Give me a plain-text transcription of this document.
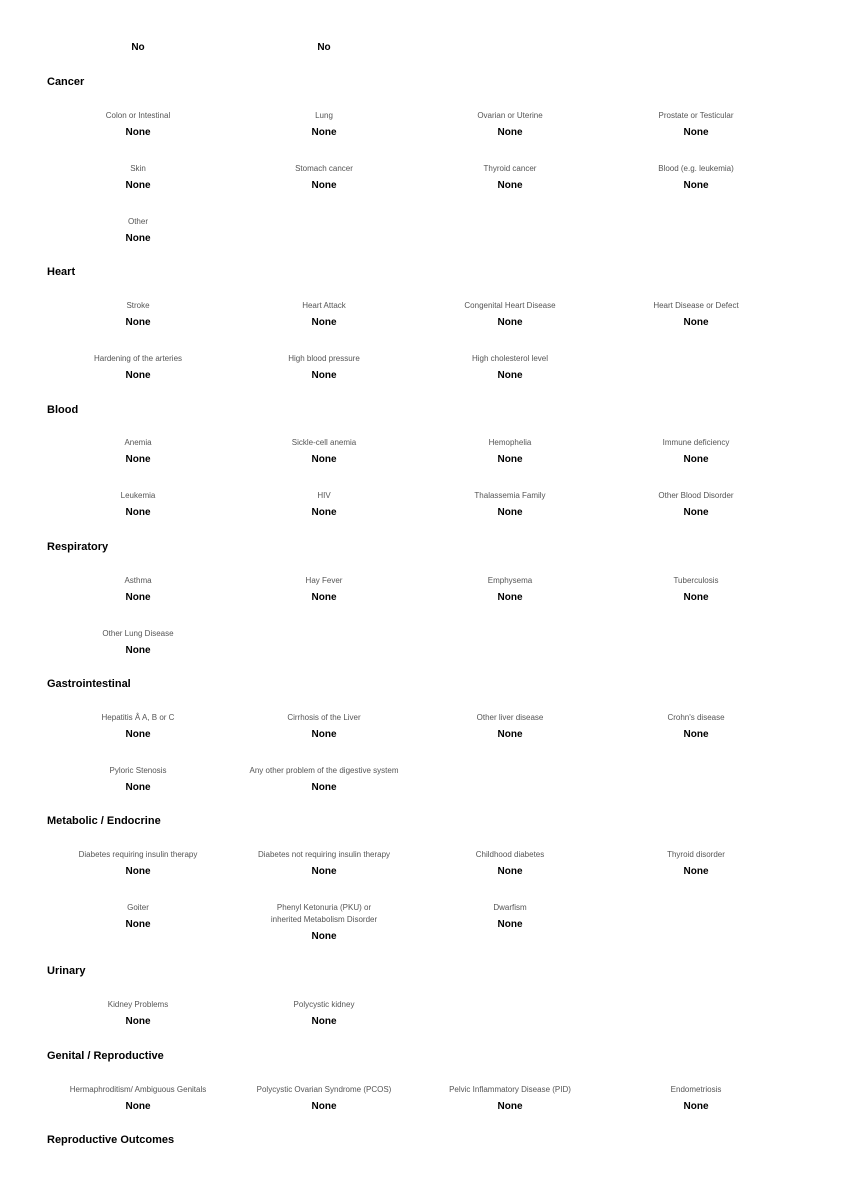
No	No
Cancer
Colon or Intestinal
None
Lung
None
Ovarian or Uterine
None
Prostate or Testicular
None
Skin
None
Stomach cancer
None
Thyroid cancer
None
Blood (e.g. leukemia)
None
Other
None
Heart
Stroke
None
Heart Attack
None
Congenital Heart Disease
None
Heart Disease or Defect
None
Hardening of the arteries
None
High blood pressure
None
High cholesterol level
None
Blood
Anemia
None
Sickle-cell anemia
None
Hemophelia
None
Immune deficiency
None
Leukemia
None
HIV
None
Thalassemia Family
None
Other Blood Disorder
None
Respiratory
Asthma
None
Hay Fever
None
Emphysema
None
Tuberculosis
None
Other Lung Disease
None
Gastrointestinal
Hepatitis Â A, B or C
None
Cirrhosis of the Liver
None
Other liver disease
None
Crohn's disease
None
Pyloric Stenosis
None
Any other problem of the digestive system
None
Metabolic / Endocrine
Diabetes requiring insulin therapy
None
Diabetes not requiring insulin therapy
None
Childhood diabetes
None
Thyroid disorder
None
Goiter
None
Phenyl Ketonuria (PKU) or inherited Metabolism Disorder
None
Dwarfism
None
Urinary
Kidney Problems
None
Polycystic kidney
None
Genital / Reproductive
Hermaphroditism/ Ambiguous Genitals
None
Polycystic Ovarian Syndrome (PCOS)
None
Pelvic Inflammatory Disease (PID)
None
Endometriosis
None
Reproductive Outcomes
